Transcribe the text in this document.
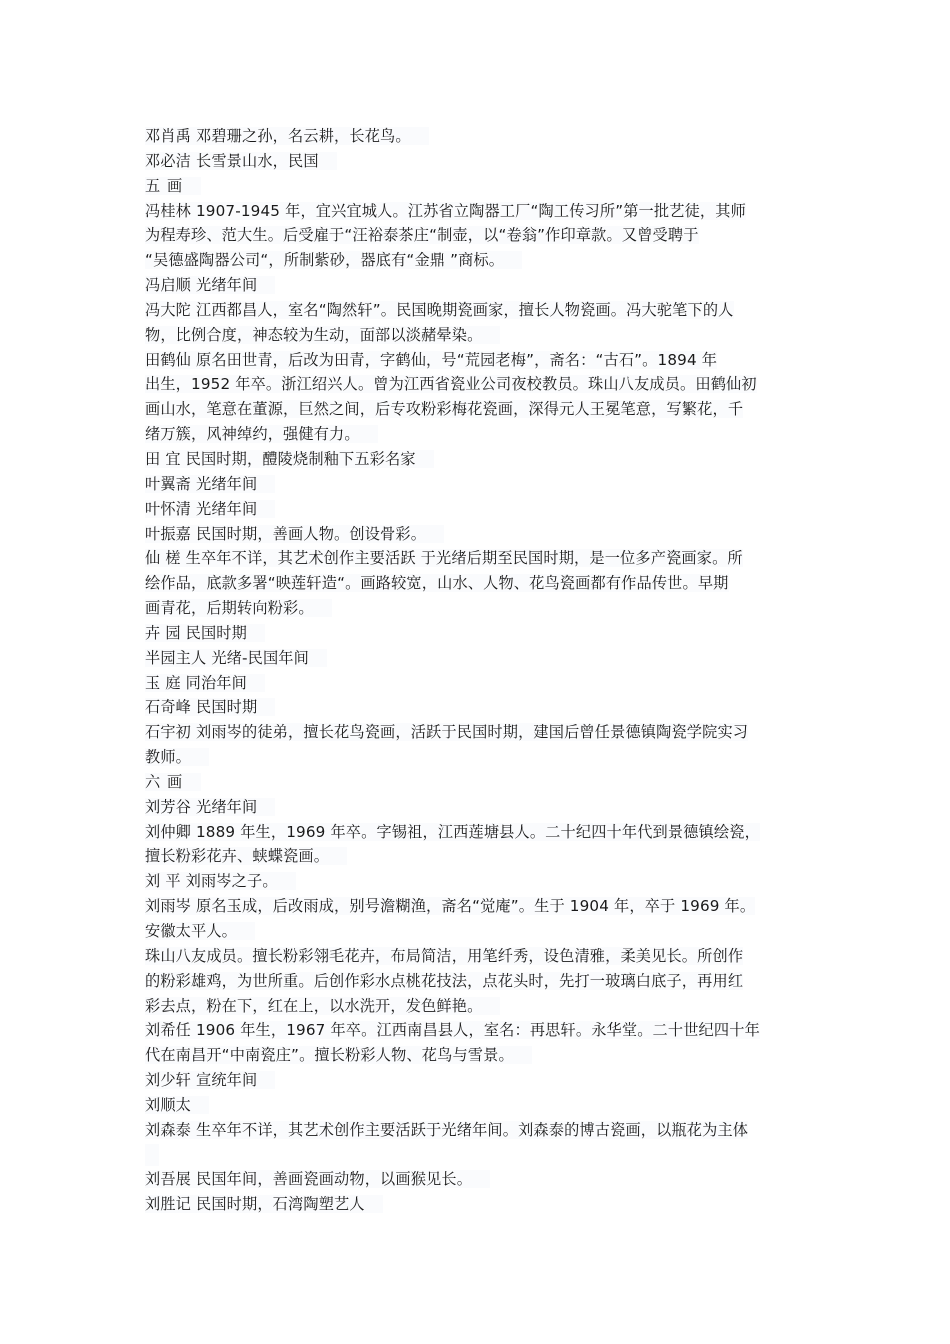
邓肖禹 邓碧珊之孙，名云耕，长花鸟。
邓必洁 长雪景山水，民国
五 画
冯桂林 1907-1945 年，宜兴宜城人。江苏省立陶器工厂“陶工传习所”第一批艺徒，其师
为程寿珍、范大生。后受雇于“汪裕泰茶庄“制壶，以“卷翁”作印章款。又曾受聘于
“吴德盛陶器公司“，所制紫砂，器底有“金鼎 ”商标。
冯启顺 光绪年间
冯大陀 江西都昌人，室名“陶然轩”。民国晚期瓷画家，擅长人物瓷画。冯大驼笔下的人
物，比例合度，神态较为生动，面部以淡赭晕染。
田鹤仙 原名田世青，后改为田青，字鹤仙，号“荒园老梅”，斋名：“古石”。1894 年
出生，1952 年卒。浙江绍兴人。曾为江西省瓷业公司夜校教员。珠山八友成员。田鹤仙初
画山水，笔意在董源，巨然之间，后专攻粉彩梅花瓷画，深得元人王冕笔意，写繁花，千
绪万簇，风神绰约，强健有力。
田 宜 民国时期，醴陵烧制釉下五彩名家
叶翼斋 光绪年间
叶怀清 光绪年间
叶振嘉 民国时期，善画人物。创设骨彩。
仙 槎 生卒年不详，其艺术创作主要活跃 于光绪后期至民国时期，是一位多产瓷画家。所
绘作品，底款多署“映莲轩造“。画路较宽，山水、人物、花鸟瓷画都有作品传世。早期
画青花，后期转向粉彩。
卉 园 民国时期
半园主人 光绪-民国年间
玉 庭 同治年间
石奇峰 民国时期
石宇初 刘雨岑的徒弟，擅长花鸟瓷画，活跃于民国时期，建国后曾任景德镇陶瓷学院实习
教师。
六 画
刘芳谷 光绪年间
刘仲卿 1889 年生，1969 年卒。字锡祖，江西莲塘县人。二十纪四十年代到景德镇绘瓷，
擅长粉彩花卉、蛱蝶瓷画。
刘 平 刘雨岑之子。
刘雨岑 原名玉成，后改雨成，别号澹糊渔，斋名“觉庵”。生于 1904 年，卒于 1969 年。
安徽太平人。
珠山八友成员。擅长粉彩翎毛花卉，布局简洁，用笔纤秀，设色清雅，柔美见长。所创作
的粉彩雄鸡，为世所重。后创作彩水点桃花技法，点花头时，先打一玻璃白底子，再用红
彩去点，粉在下，红在上，以水洗开，发色鲜艳。
刘希任 1906 年生，1967 年卒。江西南昌县人，室名：再思轩。永华堂。二十世纪四十年
代在南昌开“中南瓷庄”。擅长粉彩人物、花鸟与雪景。
刘少轩 宣统年间
刘顺太
刘森泰 生卒年不详，其艺术创作主要活跃于光绪年间。刘森泰的博古瓷画，以瓶花为主体
刘吾展 民国年间，善画瓷画动物，以画猴见长。
刘胜记 民国时期，石湾陶塑艺人
